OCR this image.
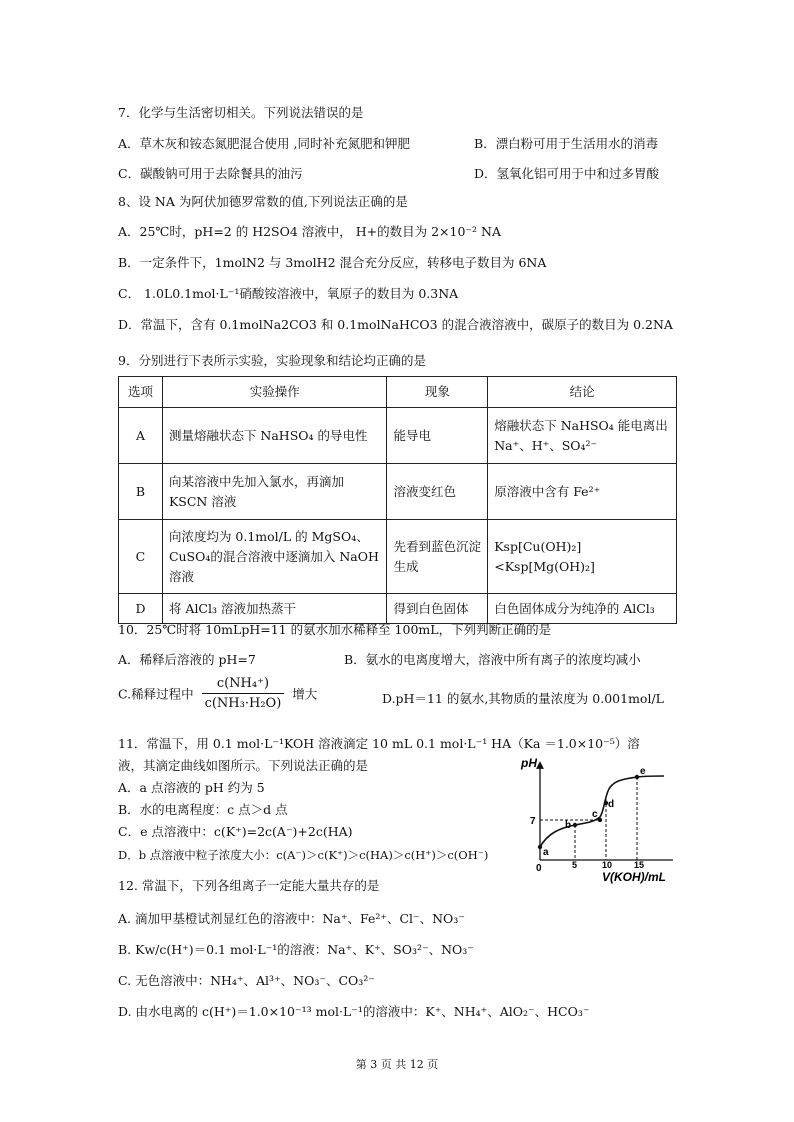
7．化学与生活密切相关。下列说法错误的是
A．草木灰和铵态氮肥混合使用 ,同时补充氮肥和钾肥	B．漂白粉可用于生活用水的消毒
C．碳酸钠可用于去除餐具的油污	D．氢氧化铝可用于中和过多胃酸
8、设 NA 为阿伏加德罗常数的值,下列说法正确的是
A．25℃时，pH=2 的 H2SO4 溶液中， H+的数目为 2×10⁻² NA
B．一定条件下，1molN2 与 3molH2 混合充分反应，转移电子数目为 6NA
C． 1.0L0.1mol·L⁻¹硝酸铵溶液中，氧原子的数目为 0.3NA
D．常温下，含有 0.1molNa2CO3 和 0.1molNaHCO3 的混合液溶液中，碳原子的数目为 0.2NA
9．分别进行下表所示实验，实验现象和结论均正确的是
选项	实验操作	现象	结论
A	测量熔融状态下 NaHSO₄ 的导电性	能导电	熔融状态下 NaHSO₄ 能电离出 Na⁺、H⁺、SO₄²⁻
B	向某溶液中先加入氯水，再滴加 KSCN 溶液	溶液变红色	原溶液中含有 Fe²⁺
C	向浓度均为 0.1mol/L 的 MgSO₄、CuSO₄的混合溶液中逐滴加入 NaOH 溶液	先看到蓝色沉淀生成	Ksp[Cu(OH)₂]<Ksp[Mg(OH)₂]
D	将 AlCl₃ 溶液加热蒸干	得到白色固体	白色固体成分为纯净的 AlCl₃
10．25℃时将 10mLpH=11 的氨水加水稀释至 100mL，下列判断正确的是
A．稀释后溶液的 pH=7	B．氨水的电离度增大，溶液中所有离子的浓度均减小
C.稀释过程中 $\frac{\text{c(NH₄⁺)}}{\text{c(NH₃·H₂O)}}$ 增大	D.pH＝11 的氨水,其物质的量浓度为 0.001mol/L
11．常温下，用 0.1 mol·L⁻¹KOH 溶液滴定 10 mL 0.1 mol·L⁻¹ HA（Ka ＝1.0×10⁻⁵）溶
液，其滴定曲线如图所示。下列说法正确的是
A．a 点溶液的 pH 约为 5
B．水的电离程度：c 点＞d 点
C．e 点溶液中：c(K⁺)=2c(A⁻)+2c(HA)
D．b 点溶液中粒子浓度大小：c(A⁻)＞c(K⁺)＞c(HA)＞c(H⁺)＞c(OH⁻)
pH
V(KOH)/mL
0
7
5	10 15
a
b
c
d
e
12. 常温下，下列各组离子一定能大量共存的是
A. 滴加甲基橙试剂显红色的溶液中：Na⁺、Fe²⁺、Cl⁻、NO₃⁻
B. Kw/c(H⁺)＝0.1 mol·L⁻¹的溶液：Na⁺、K⁺、SO₃²⁻、NO₃⁻
C. 无色溶液中：NH₄⁺、Al³⁺、NO₃⁻、CO₃²⁻
D. 由水电离的 c(H⁺)＝1.0×10⁻¹³ mol·L⁻¹的溶液中：K⁺、NH₄⁺、AlO₂⁻、HCO₃⁻
第 3 页 共 12 页
